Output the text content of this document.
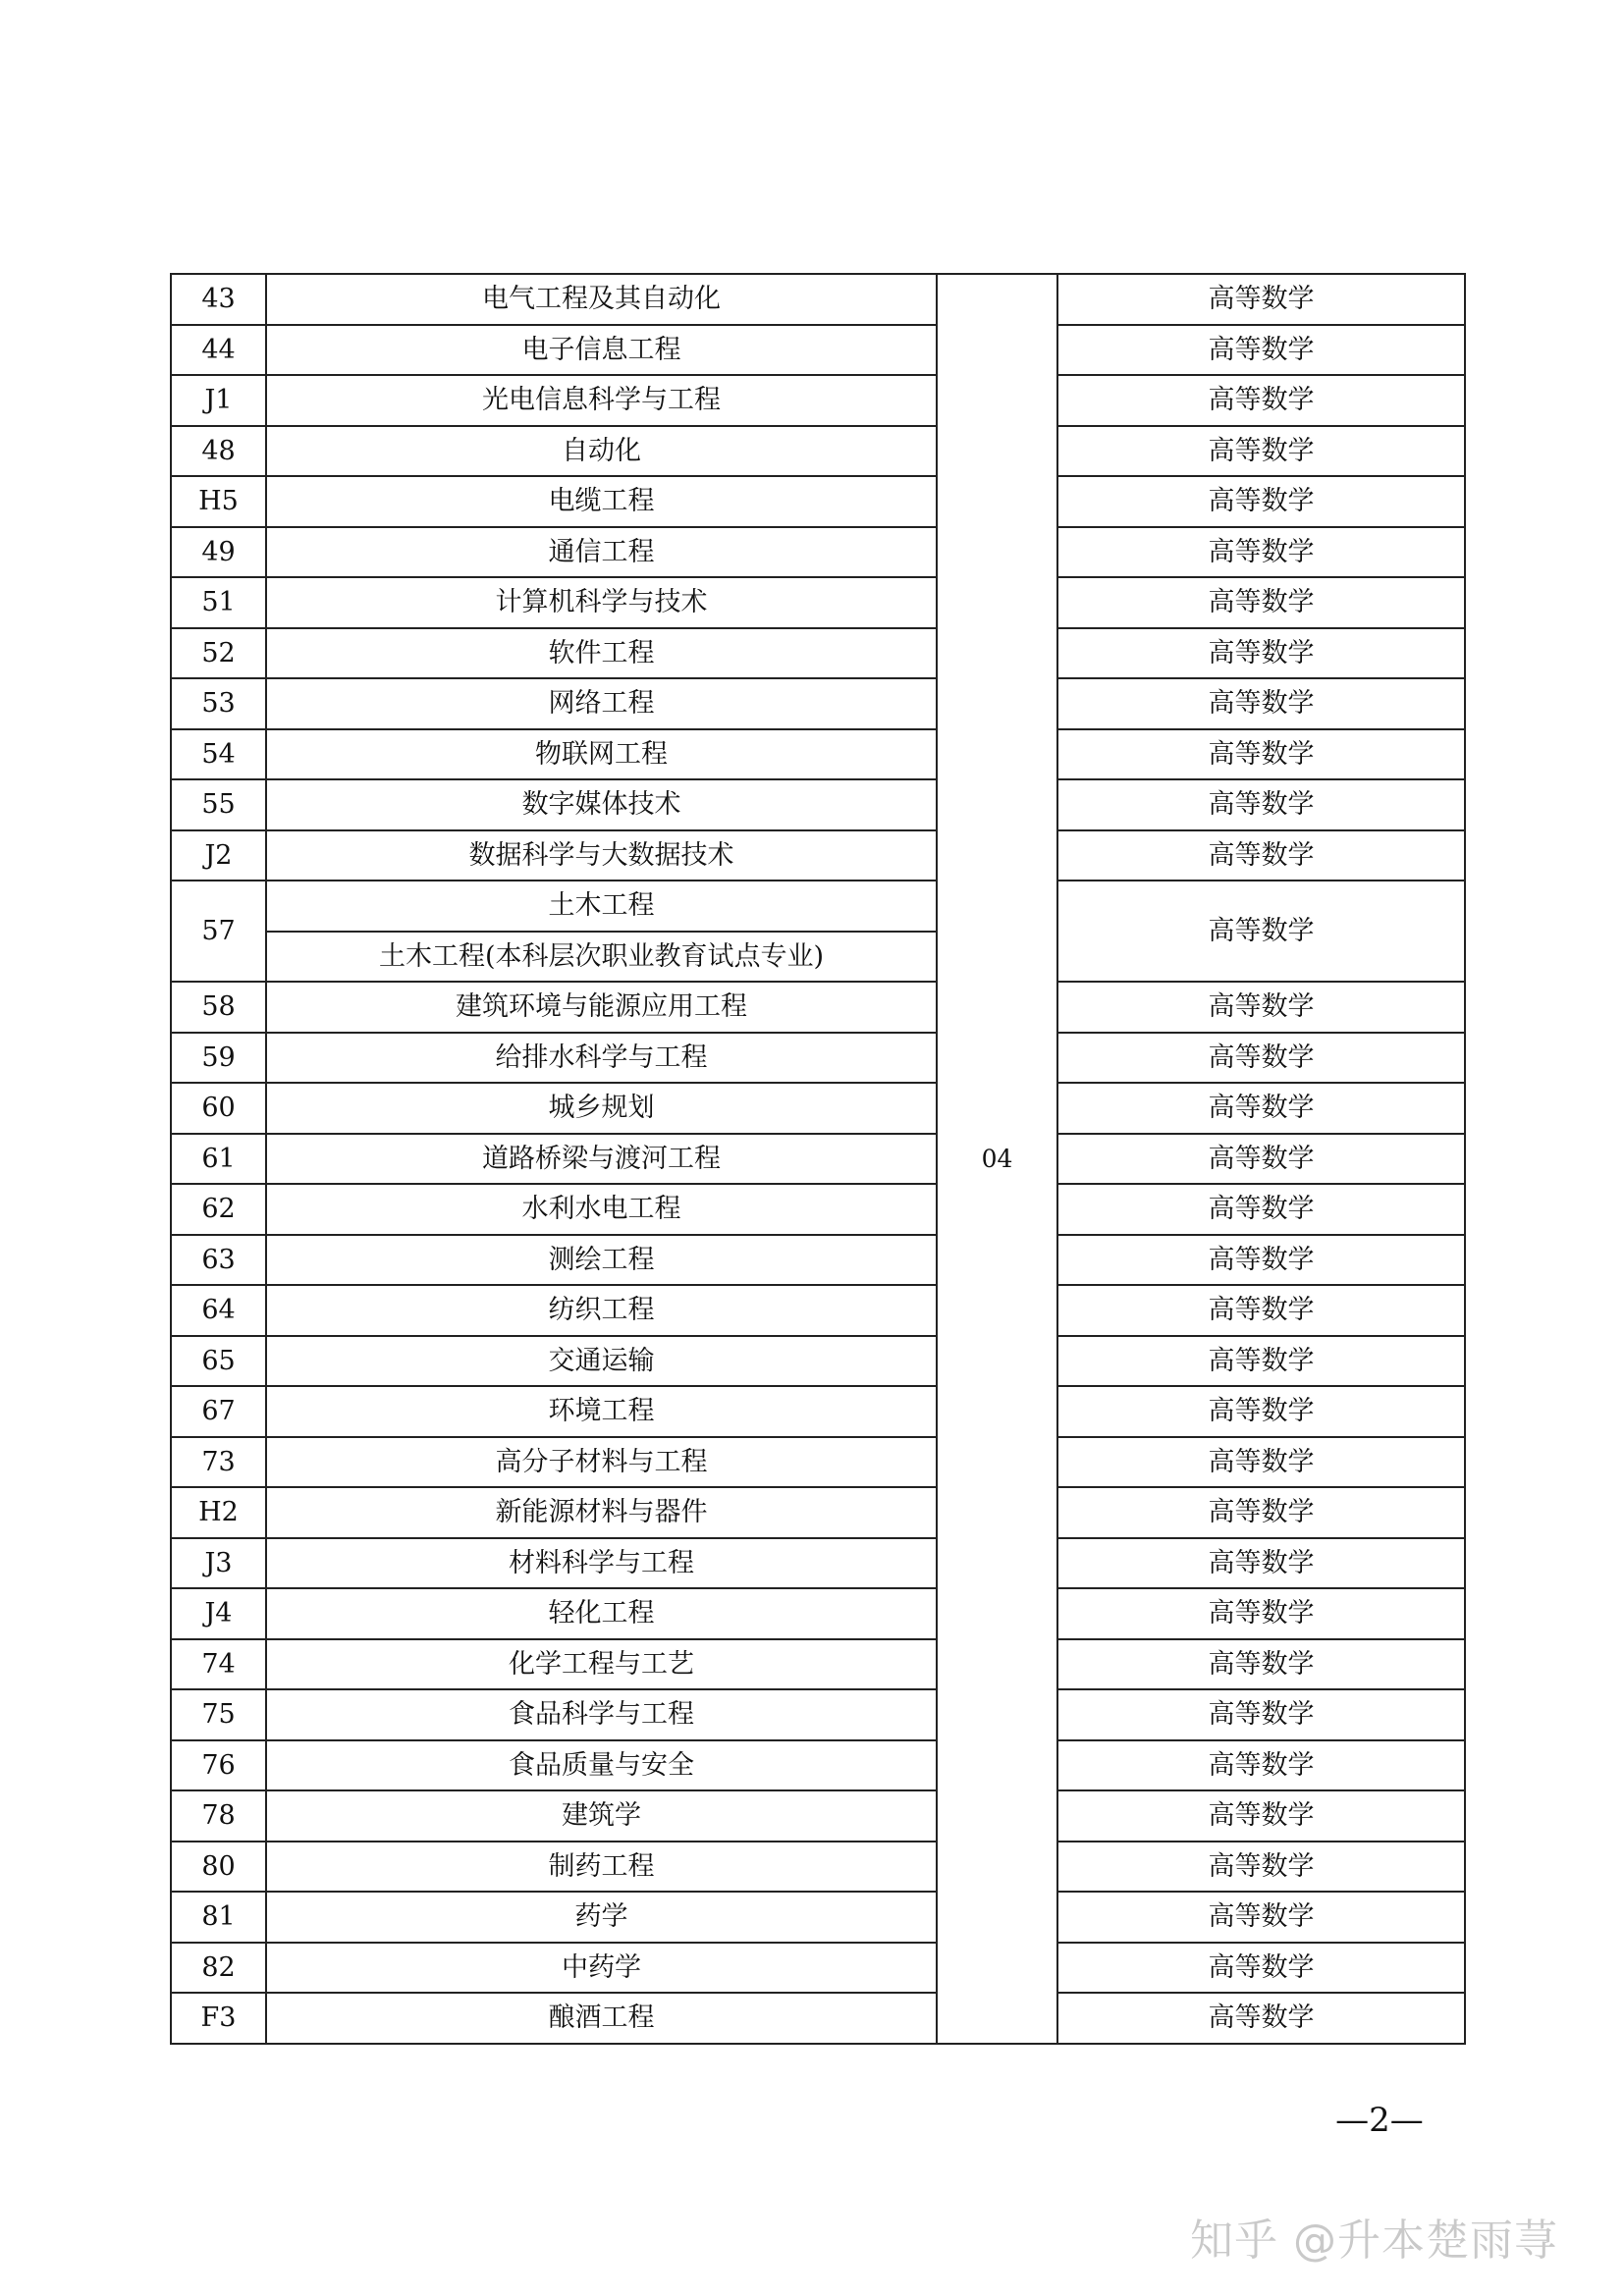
43	电气工程及其自动化	04	高等数学
44	电子信息工程		高等数学
J1	光电信息科学与工程		高等数学
48	自动化		高等数学
H5	电缆工程		高等数学
49	通信工程		高等数学
51	计算机科学与技术		高等数学
52	软件工程		高等数学
53	网络工程		高等数学
54	物联网工程		高等数学
55	数字媒体技术		高等数学
J2	数据科学与大数据技术		高等数学
57	土木工程		高等数学
	土木工程(本科层次职业教育试点专业)		
58	建筑环境与能源应用工程		高等数学
59	给排水科学与工程		高等数学
60	城乡规划		高等数学
61	道路桥梁与渡河工程		高等数学
62	水利水电工程		高等数学
63	测绘工程		高等数学
64	纺织工程		高等数学
65	交通运输		高等数学
67	环境工程		高等数学
73	高分子材料与工程		高等数学
H2	新能源材料与器件		高等数学
J3	材料科学与工程		高等数学
J4	轻化工程		高等数学
74	化学工程与工艺		高等数学
75	食品科学与工程		高等数学
76	食品质量与安全		高等数学
78	建筑学		高等数学
80	制药工程		高等数学
81	药学		高等数学
82	中药学		高等数学
F3	酿酒工程		高等数学
—2—
知乎 @升本楚雨荨
